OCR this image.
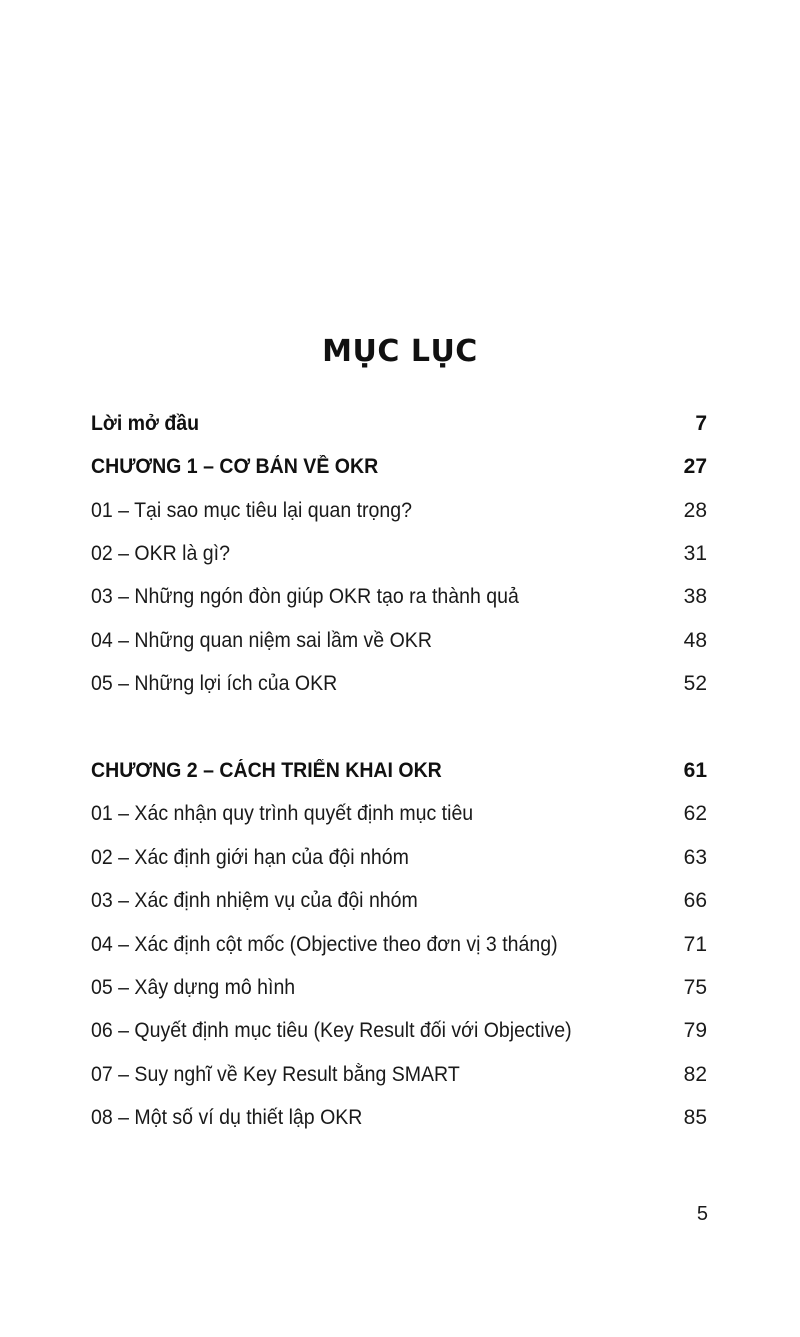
MỤC LỤC
Lời mở đầu	7
CHƯƠNG 1 – CƠ BẢN VỀ OKR	27
01 – Tại sao mục tiêu lại quan trọng?	28
02 – OKR là gì?	31
03 – Những ngón đòn giúp OKR tạo ra thành quả	38
04 – Những quan niệm sai lầm về OKR	48
05 – Những lợi ích của OKR	52
CHƯƠNG 2 – CÁCH TRIỂN KHAI OKR	61
01 – Xác nhận quy trình quyết định mục tiêu	62
02 – Xác định giới hạn của đội nhóm	63
03 – Xác định nhiệm vụ của đội nhóm	66
04 – Xác định cột mốc (Objective theo đơn vị 3 tháng)	71
05 – Xây dựng mô hình	75
06 – Quyết định mục tiêu (Key Result đối với Objective)	79
07 – Suy nghĩ về Key Result bằng SMART	82
08 – Một số ví dụ thiết lập OKR	85
5
